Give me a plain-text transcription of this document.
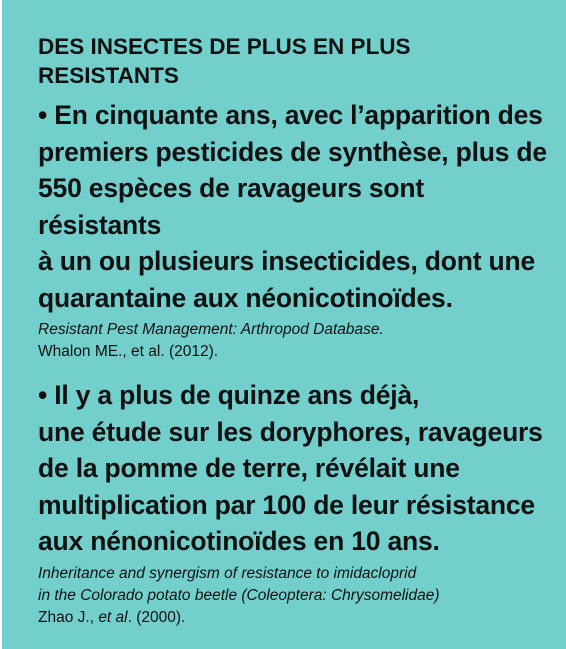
DES INSECTES DE PLUS EN PLUS RESISTANTS
• En cinquante ans, avec l’apparition des
premiers pesticides de synthèse, plus de
550 espèces de ravageurs sont résistants
à un ou plusieurs insecticides, dont une
quarantaine aux néonicotinoïdes.
Resistant Pest Management: Arthropod Database.
Whalon ME., et al. (2012).
• Il y a plus de quinze ans déjà,
une étude sur les doryphores, ravageurs
de la pomme de terre, révélait une
multiplication par 100 de leur résistance
aux nénonicotinoïdes en 10 ans.
Inheritance and synergism of resistance to imidacloprid
in the Colorado potato beetle (Coleoptera: Chrysomelidae)
Zhao J., et al. (2000).
